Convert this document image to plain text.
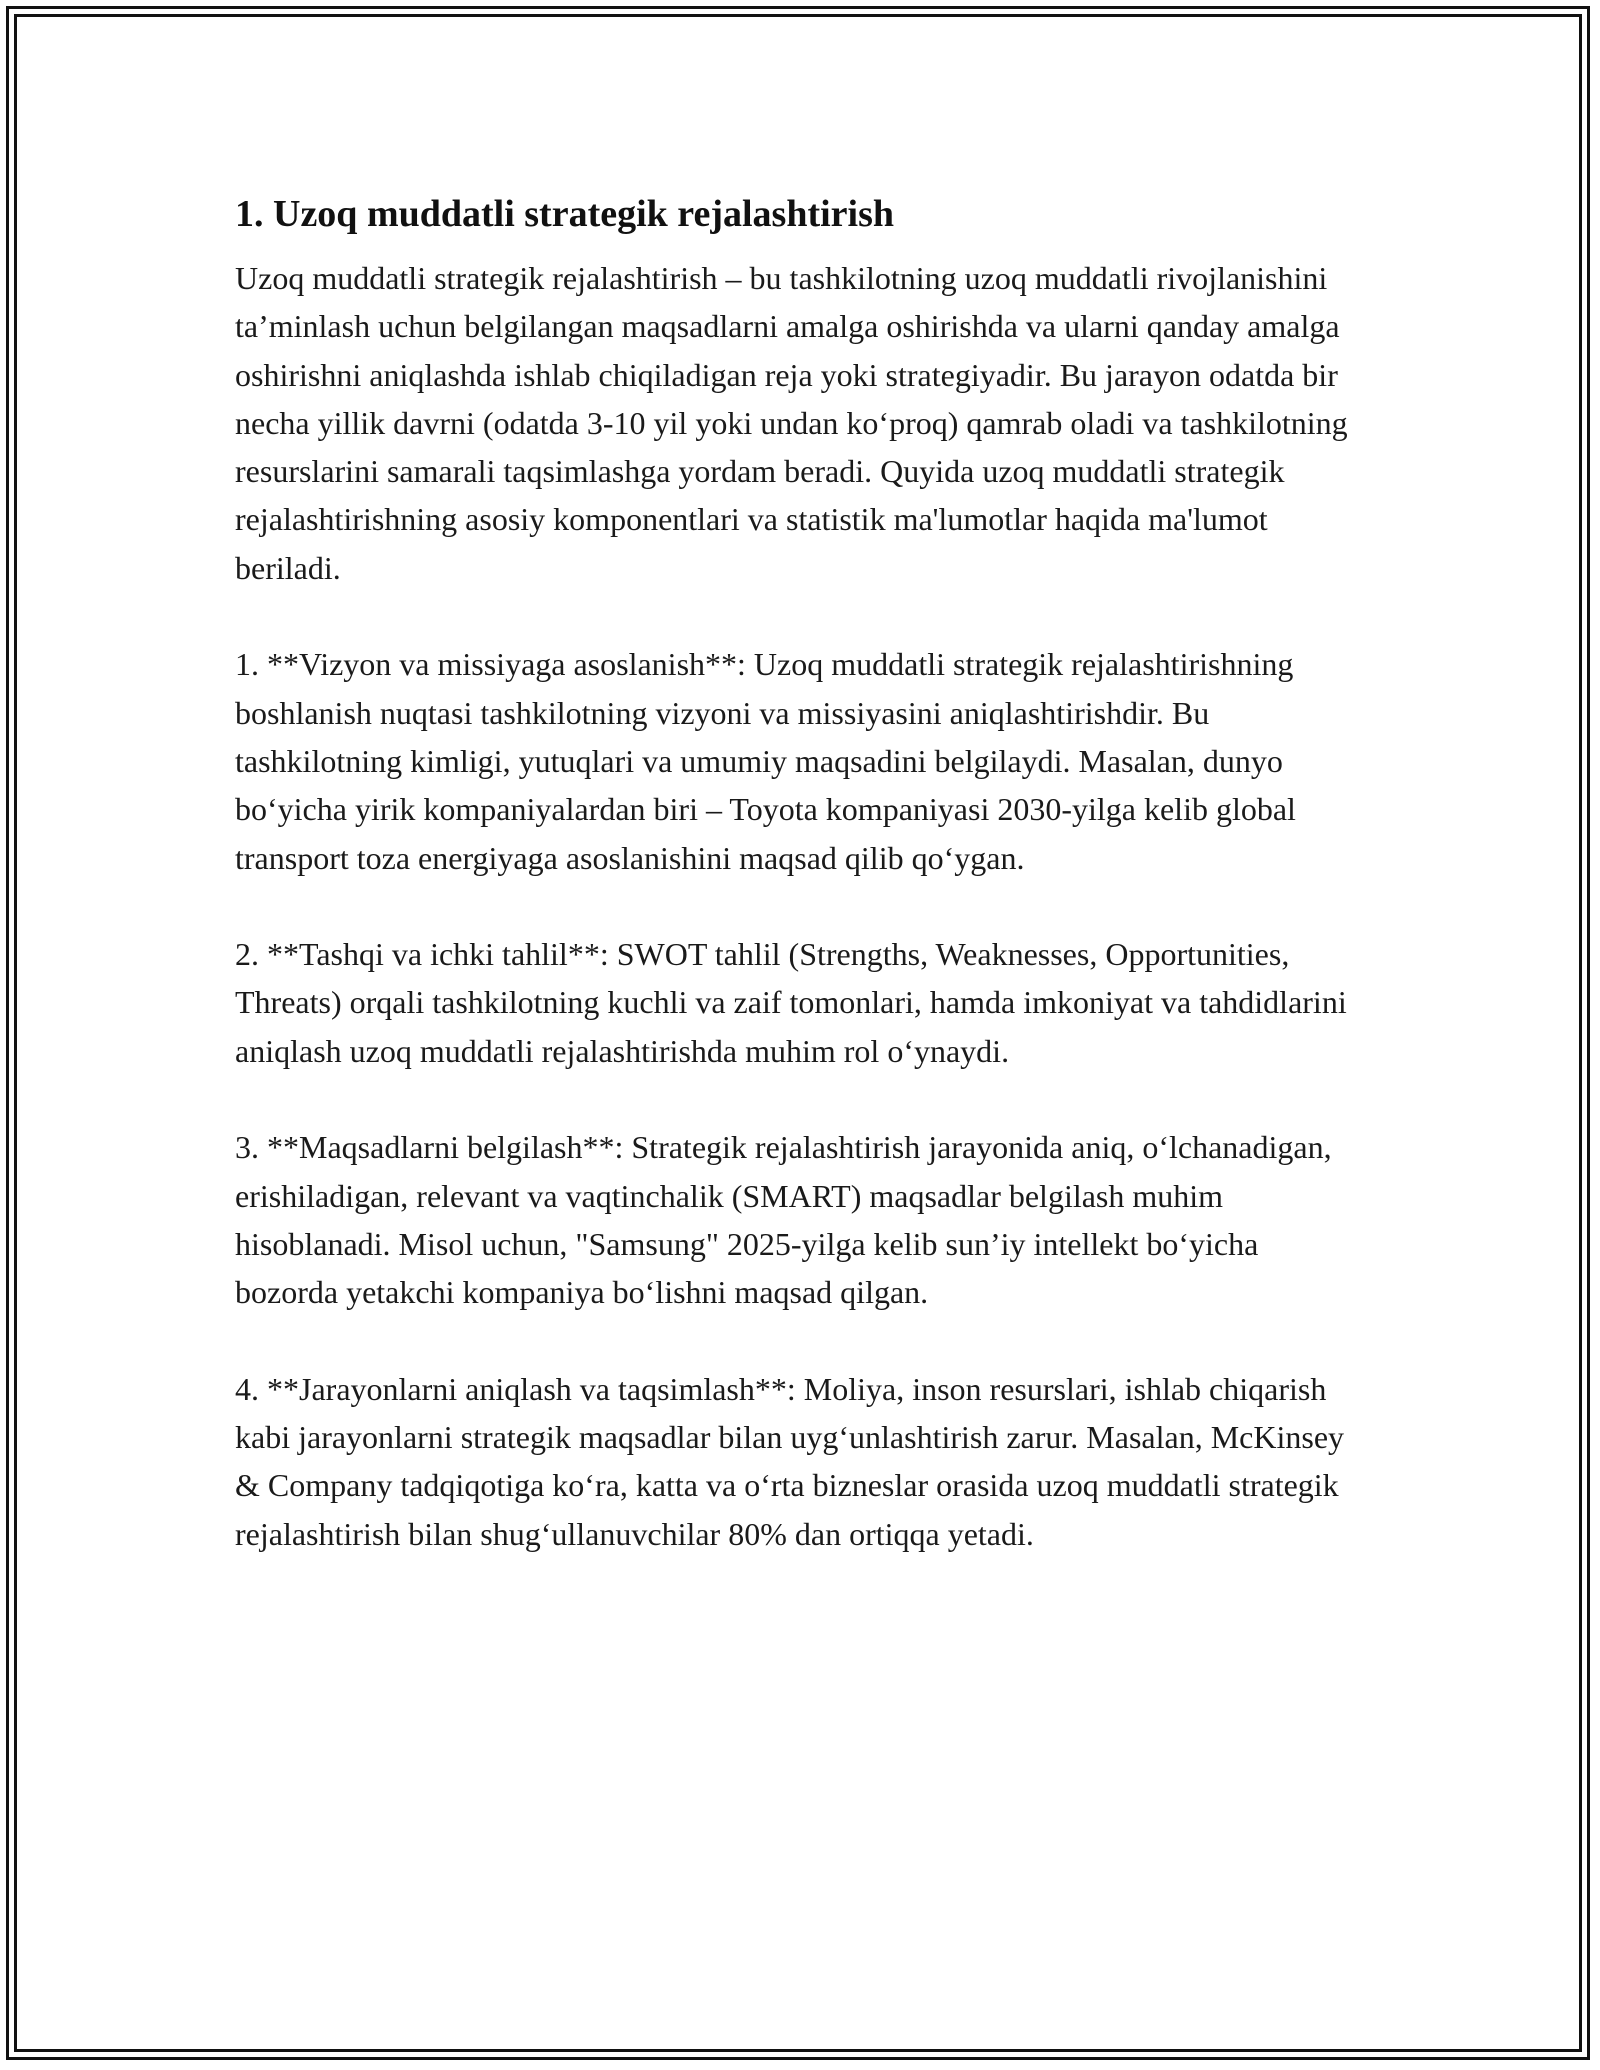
1. Uzoq muddatli strategik rejalashtirish

Uzoq muddatli strategik rejalashtirish – bu tashkilotning uzoq muddatli rivojlanishini ta’minlash uchun belgilangan maqsadlarni amalga oshirishda va ularni qanday amalga oshirishni aniqlashda ishlab chiqiladigan reja yoki strategiyadir. Bu jarayon odatda bir necha yillik davrni (odatda 3-10 yil yoki undan ko‘proq) qamrab oladi va tashkilotning resurslarini samarali taqsimlashga yordam beradi. Quyida uzoq muddatli strategik rejalashtirishning asosiy komponentlari va statistik ma'lumotlar haqida ma'lumot beriladi.

1. **Vizyon va missiyaga asoslanish**: Uzoq muddatli strategik rejalashtirishning boshlanish nuqtasi tashkilotning vizyoni va missiyasini aniqlashtirishdir. Bu tashkilotning kimligi, yutuqlari va umumiy maqsadini belgilaydi. Masalan, dunyo bo‘yicha yirik kompaniyalardan biri – Toyota kompaniyasi 2030-yilga kelib global transport toza energiyaga asoslanishini maqsad qilib qo‘ygan.

2. **Tashqi va ichki tahlil**: SWOT tahlil (Strengths, Weaknesses, Opportunities, Threats) orqali tashkilotning kuchli va zaif tomonlari, hamda imkoniyat va tahdidlarini aniqlash uzoq muddatli rejalashtirishda muhim rol o‘ynaydi.

3. **Maqsadlarni belgilash**: Strategik rejalashtirish jarayonida aniq, o‘lchanadigan, erishiladigan, relevant va vaqtinchalik (SMART) maqsadlar belgilash muhim hisoblanadi. Misol uchun, "Samsung" 2025-yilga kelib sun’iy intellekt bo‘yicha bozorda yetakchi kompaniya bo‘lishni maqsad qilgan.

4. **Jarayonlarni aniqlash va taqsimlash**: Moliya, inson resurslari, ishlab chiqarish kabi jarayonlarni strategik maqsadlar bilan uyg‘unlashtirish zarur. Masalan, McKinsey & Company tadqiqotiga ko‘ra, katta va o‘rta bizneslar orasida uzoq muddatli strategik rejalashtirish bilan shug‘ullanuvchilar 80% dan ortiqqa yetadi.
